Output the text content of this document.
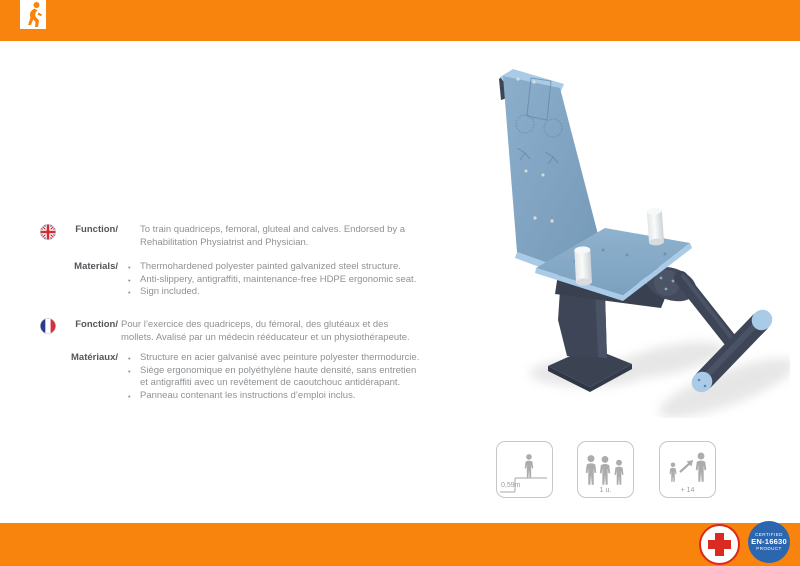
Function/ To train quadriceps, femoral, gluteal and calves. Endorsed by a
Rehabilitation Physiatrist and Physician.
Materials/	• Thermohardened polyester painted galvanized steel structure.
• Anti-slippery, antigraffiti, maintenance-free HDPE ergonomic seat.
• Sign included.
Fonction/ Pour l’exercice des quadriceps, du fémoral, des glutéaux et des
mollets. Avalisé par un médecin rééducateur et un physiothérapeute.
Matériaux/	• Structure en acier galvanisé avec peinture polyester thermodurcie.
• Siège ergonomique en polyéthylène haute densité, sans entretien
et antigraffiti avec un revêtement de caoutchouc antidérapant.
• Panneau contenant les instructions d’emploi inclus.
0,59m
1 u.	+ 14
CERTIFIED
EN-16630
PRODUCT
